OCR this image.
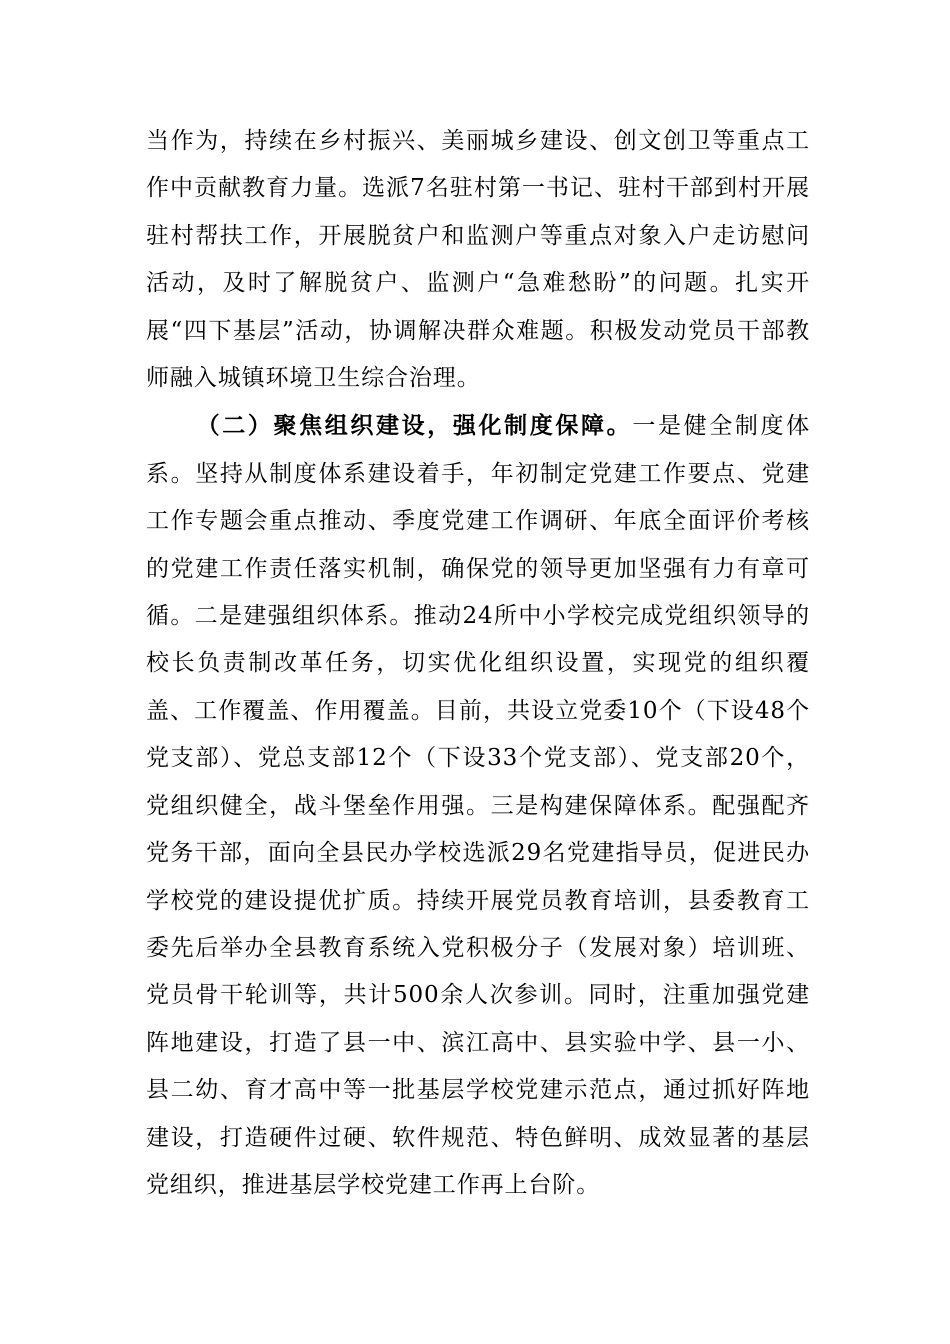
当作为，持续在乡村振兴、美丽城乡建设、创文创卫等重点工作中贡献教育力量。选派7名驻村第一书记、驻村干部到村开展驻村帮扶工作，开展脱贫户和监测户等重点对象入户走访慰问活动，及时了解脱贫户、监测户“急难愁盼”的问题。扎实开展“四下基层”活动，协调解决群众难题。积极发动党员干部教师融入城镇环境卫生综合治理。

（二）聚焦组织建设，强化制度保障。一是健全制度体系。坚持从制度体系建设着手，年初制定党建工作要点、党建工作专题会重点推动、季度党建工作调研、年底全面评价考核的党建工作责任落实机制，确保党的领导更加坚强有力有章可循。二是建强组织体系。推动24所中小学校完成党组织领导的校长负责制改革任务，切实优化组织设置，实现党的组织覆盖、工作覆盖、作用覆盖。目前，共设立党委10个（下设48个党支部）、党总支部12个（下设33个党支部）、党支部20个，党组织健全，战斗堡垒作用强。三是构建保障体系。配强配齐党务干部，面向全县民办学校选派29名党建指导员，促进民办学校党的建设提优扩质。持续开展党员教育培训，县委教育工委先后举办全县教育系统入党积极分子（发展对象）培训班、党员骨干轮训等，共计500余人次参训。同时，注重加强党建阵地建设，打造了县一中、滨江高中、县实验中学、县一小、县二幼、育才高中等一批基层学校党建示范点，通过抓好阵地建设，打造硬件过硬、软件规范、特色鲜明、成效显著的基层党组织，推进基层学校党建工作再上台阶。
